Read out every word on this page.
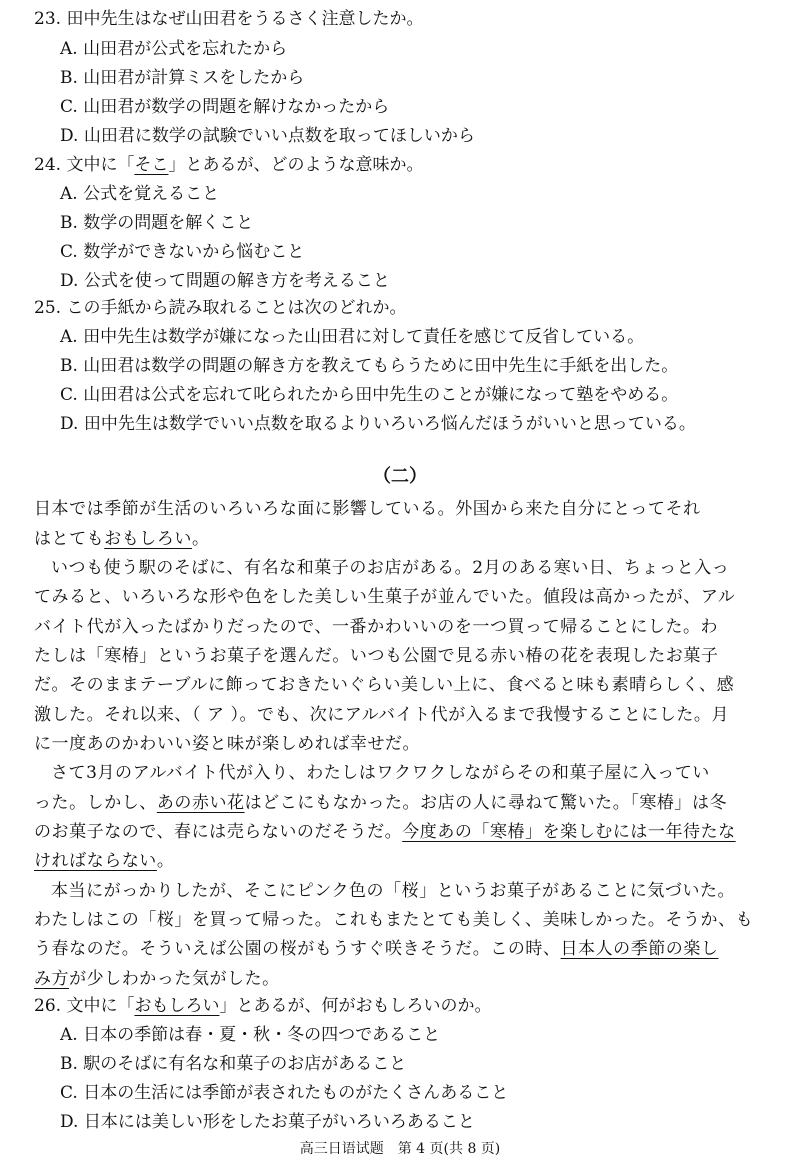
23. 田中先生はなぜ山田君をうるさく注意したか。
A. 山田君が公式を忘れたから
B. 山田君が計算ミスをしたから
C. 山田君が数学の問題を解けなかったから
D. 山田君に数学の試験でいい点数を取ってほしいから
24. 文中に「そこ」とあるが、どのような意味か。
A. 公式を覚えること
B. 数学の問題を解くこと
C. 数学ができないから悩むこと
D. 公式を使って問題の解き方を考えること
25. この手紙から読み取れることは次のどれか。
A. 田中先生は数学が嫌になった山田君に対して責任を感じて反省している。
B. 山田君は数学の問題の解き方を教えてもらうために田中先生に手紙を出した。
C. 山田君は公式を忘れて叱られたから田中先生のことが嫌になって塾をやめる。
D. 田中先生は数学でいい点数を取るよりいろいろ悩んだほうがいいと思っている。
（二）
日本では季節が生活のいろいろな面に影響している。外国から来た自分にとってそれ
はとてもおもしろい。
いつも使う駅のそばに、有名な和菓子のお店がある。2月のある寒い日、ちょっと入っ
てみると、いろいろな形や色をした美しい生菓子が並んでいた。値段は高かったが、アル
バイト代が入ったばかりだったので、一番かわいいのを一つ買って帰ることにした。わ
たしは「寒椿」というお菓子を選んだ。いつも公園で見る赤い椿の花を表現したお菓子
だ。そのままテーブルに飾っておきたいぐらい美しい上に、食べると味も素晴らしく、感
激した。それ以来、（ ア ）。でも、次にアルバイト代が入るまで我慢することにした。月
に一度あのかわいい姿と味が楽しめれば幸せだ。
さて3月のアルバイト代が入り、わたしはワクワクしながらその和菓子屋に入ってい
った。しかし、あの赤い花はどこにもなかった。お店の人に尋ねて驚いた。「寒椿」は冬
のお菓子なので、春には売らないのだそうだ。今度あの「寒椿」を楽しむには一年待たな
ければならない。
本当にがっかりしたが、そこにピンク色の「桜」というお菓子があることに気づいた。
わたしはこの「桜」を買って帰った。これもまたとても美しく、美味しかった。そうか、も
う春なのだ。そういえば公園の桜がもうすぐ咲きそうだ。この時、日本人の季節の楽し
み方が少しわかった気がした。
26. 文中に「おもしろい」とあるが、何がおもしろいのか。
A. 日本の季節は春・夏・秋・冬の四つであること
B. 駅のそばに有名な和菓子のお店があること
C. 日本の生活には季節が表されたものがたくさんあること
D. 日本には美しい形をしたお菓子がいろいろあること
高三日语试题　第 4 页(共 8 页)
